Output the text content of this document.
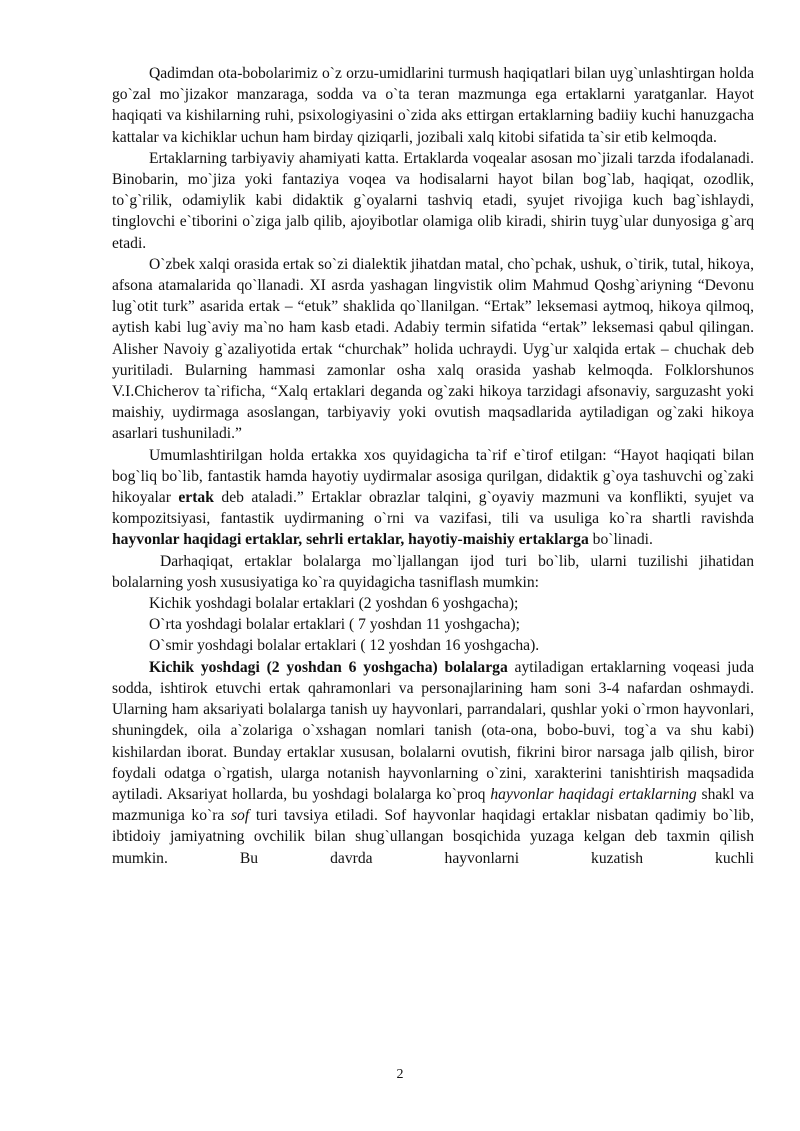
Qadimdan ota-bobolarimiz o`z orzu-umidlarini turmush haqiqatlari bilan uyg`unlashtirgan holda go`zal mo`jizakor manzaraga, sodda va o`ta teran mazmunga ega ertaklarni yaratganlar. Hayot haqiqati va kishilarning ruhi, psixologiyasini o`zida aks ettirgan ertaklarning badiiy kuchi hanuzgacha kattalar va kichiklar uchun ham birday qiziqarli, jozibali xalq kitobi sifatida ta`sir etib kelmoqda.

Ertaklarning tarbiyaviy ahamiyati katta. Ertaklarda voqealar asosan mo`jizali tarzda ifodalanadi. Binobarin, mo`jiza yoki fantaziya voqea va hodisalarni hayot bilan bog`lab, haqiqat, ozodlik, to`g`rilik, odamiylik kabi didaktik g`oyalarni tashviq etadi, syujet rivojiga kuch bag`ishlaydi, tinglovchi e`tiborini o`ziga jalb qilib, ajoyibotlar olamiga olib kiradi, shirin tuyg`ular dunyosiga g`arq etadi.

O`zbek xalqi orasida ertak so`zi dialektik jihatdan matal, cho`pchak, ushuk, o`tirik, tutal, hikoya, afsona atamalarida qo`llanadi. XI asrda yashagan lingvistik olim Mahmud Qoshg`ariyning “Devonu lug`otit turk” asarida ertak – “etuk” shaklida qo`llanilgan. “Ertak” leksemasi aytmoq, hikoya qilmoq, aytish kabi lug`aviy ma`no ham kasb etadi. Adabiy termin sifatida “ertak” leksemasi qabul qilingan. Alisher Navoiy g`azaliyotida ertak “churchak” holida uchraydi. Uyg`ur xalqida ertak – chuchak deb yuritiladi. Bularning hammasi zamonlar osha xalq orasida yashab kelmoqda. Folklorshunos V.I.Chicherov ta`rificha, “Xalq ertaklari deganda og`zaki hikoya tarzidagi afsonaviy, sarguzasht yoki maishiy, uydirmaga asoslangan, tarbiyaviy yoki ovutish maqsadlarida aytiladigan og`zaki hikoya asarlari tushuniladi.”

Umumlashtirilgan holda ertakka xos quyidagicha ta`rif e`tirof etilgan: “Hayot haqiqati bilan bog`liq bo`lib, fantastik hamda hayotiy uydirmalar asosiga qurilgan, didaktik g`oya tashuvchi og`zaki hikoyalar ertak deb ataladi.” Ertaklar obrazlar talqini, g`oyaviy mazmuni va konflikti, syujet va kompozitsiyasi, fantastik uydirmaning o`rni va vazifasi, tili va usuliga ko`ra shartli ravishda hayvonlar haqidagi ertaklar, sehrli ertaklar, hayotiy-maishiy ertaklarga bo`linadi.

Darhaqiqat, ertaklar bolalarga mo`ljallangan ijod turi bo`lib, ularni tuzilishi jihatidan bolalarning yosh xususiyatiga ko`ra quyidagicha tasniflash mumkin:

Kichik yoshdagi bolalar ertaklari (2 yoshdan 6 yoshgacha);
O`rta yoshdagi bolalar ertaklari ( 7 yoshdan 11 yoshgacha);
O`smir yoshdagi bolalar ertaklari ( 12 yoshdan 16 yoshgacha).

Kichik yoshdagi (2 yoshdan 6 yoshgacha) bolalarga aytiladigan ertaklarning voqeasi juda sodda, ishtirok etuvchi ertak qahramonlari va personajlarining ham soni 3-4 nafardan oshmaydi. Ularning ham aksariyati bolalarga tanish uy hayvonlari, parrandalari, qushlar yoki o`rmon hayvonlari, shuningdek, oila a`zolariga o`xshagan nomlari tanish (ota-ona, bobo-buvi, tog`a va shu kabi) kishilardan iborat. Bunday ertaklar xususan, bolalarni ovutish, fikrini biror narsaga jalb qilish, biror foydali odatga o`rgatish, ularga notanish hayvonlarning o`zini, xarakterini tanishtirish maqsadida aytiladi. Aksariyat hollarda, bu yoshdagi bolalarga ko`proq hayvonlar haqidagi ertaklarning shakl va mazmuniga ko`ra sof turi tavsiya etiladi. Sof hayvonlar haqidagi ertaklar nisbatan qadimiy bo`lib, ibtidoiy jamiyatning ovchilik bilan shug`ullangan bosqichida yuzaga kelgan deb taxmin qilish mumkin. Bu davrda hayvonlarni kuzatish kuchli

2
